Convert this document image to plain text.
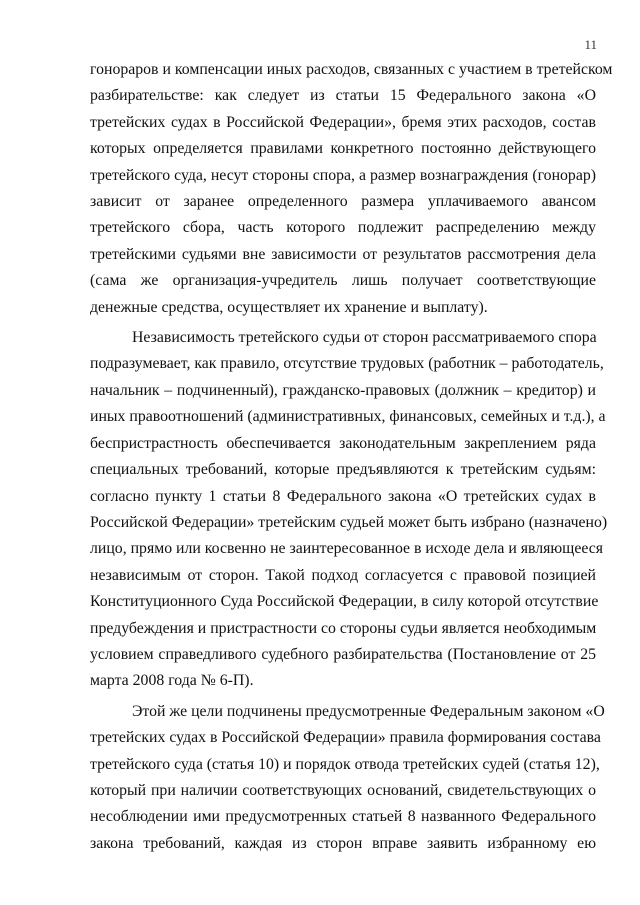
11
гонораров и компенсации иных расходов, связанных с участием в третейском
разбирательстве: как следует из статьи 15 Федерального закона «О
третейских судах в Российской Федерации», бремя этих расходов, состав
которых определяется правилами конкретного постоянно действующего
третейского суда, несут стороны спора, а размер вознаграждения (гонорар)
зависит от заранее определенного размера уплачиваемого авансом
третейского сбора, часть которого подлежит распределению между
третейскими судьями вне зависимости от результатов рассмотрения дела
(сама же организация-учредитель лишь получает соответствующие
денежные средства, осуществляет их хранение и выплату).
Независимость третейского судьи от сторон рассматриваемого спора
подразумевает, как правило, отсутствие трудовых (работник – работодатель,
начальник – подчиненный), гражданско-правовых (должник – кредитор) и
иных правоотношений (административных, финансовых, семейных и т.д.), а
беспристрастность обеспечивается законодательным закреплением ряда
специальных требований, которые предъявляются к третейским судьям:
согласно пункту 1 статьи 8 Федерального закона «О третейских судах в
Российской Федерации» третейским судьей может быть избрано (назначено)
лицо, прямо или косвенно не заинтересованное в исходе дела и являющееся
независимым от сторон. Такой подход согласуется с правовой позицией
Конституционного Суда Российской Федерации, в силу которой отсутствие
предубеждения и пристрастности со стороны судьи является необходимым
условием справедливого судебного разбирательства (Постановление от 25
марта 2008 года № 6-П).
Этой же цели подчинены предусмотренные Федеральным законом «О
третейских судах в Российской Федерации» правила формирования состава
третейского суда (статья 10) и порядок отвода третейских судей (статья 12),
который при наличии соответствующих оснований, свидетельствующих о
несоблюдении ими предусмотренных статьей 8 названного Федерального
закона требований, каждая из сторон вправе заявить избранному ею
